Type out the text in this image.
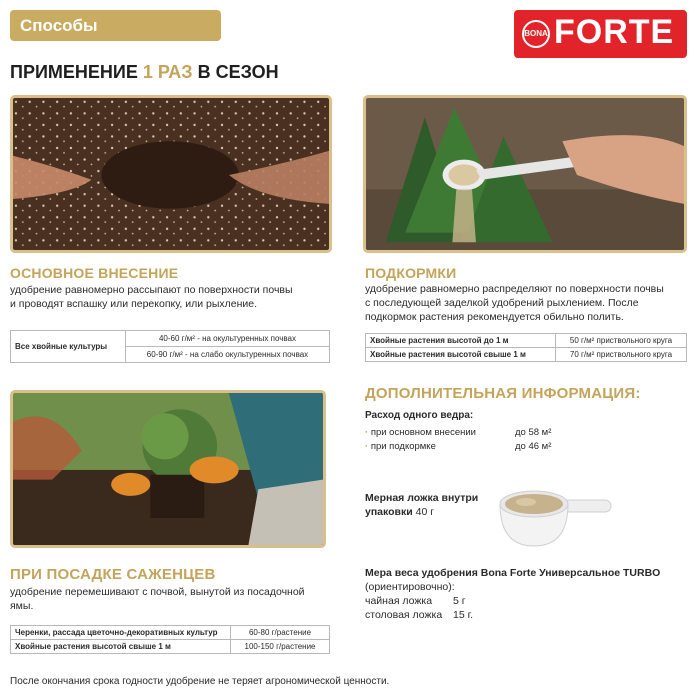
Способы использования
BONA FORTE
ПРИМЕНЕНИЕ 1 РАЗ В СЕЗОН
ОСНОВНОЕ ВНЕСЕНИЕ
удобрение равномерно рассыпают по поверхности почвы
и проводят вспашку или перекопку, или рыхление.
Все хвойные культуры	40-60 г/м² - на окультуренных почвах
60-90 г/м² - на слабо окультуренных почвах
ПОДКОРМКИ
удобрение равномерно распределяют по поверхности почвы
с последующей заделкой удобрений рыхлением. После
подкормок растения рекомендуется обильно полить.
Хвойные растения высотой до 1 м	50 г/м² приствольного круга
Хвойные растения высотой свыше 1 м	70 г/м² приствольного круга
ДОПОЛНИТЕЛЬНАЯ ИНФОРМАЦИЯ:
Расход одного ведра:
· при основном внесении	до 58 м²
· при подкормке	до 46 м²
Мерная ложка внутри
упаковки 40 г
Мера веса удобрения Bona Forte Универсальное TURBO
(ориентировочно):
чайная ложка 5 г
столовая ложка 15 г.
ПРИ ПОСАДКЕ САЖЕНЦЕВ
удобрение перемешивают с почвой, вынутой из посадочной
ямы.
Черенки, рассада цветочно-декоративных культур	60-80 г/растение
Хвойные растения высотой свыше 1 м	100-150 г/растение
После окончания срока годности удобрение не теряет агрономической ценности.
